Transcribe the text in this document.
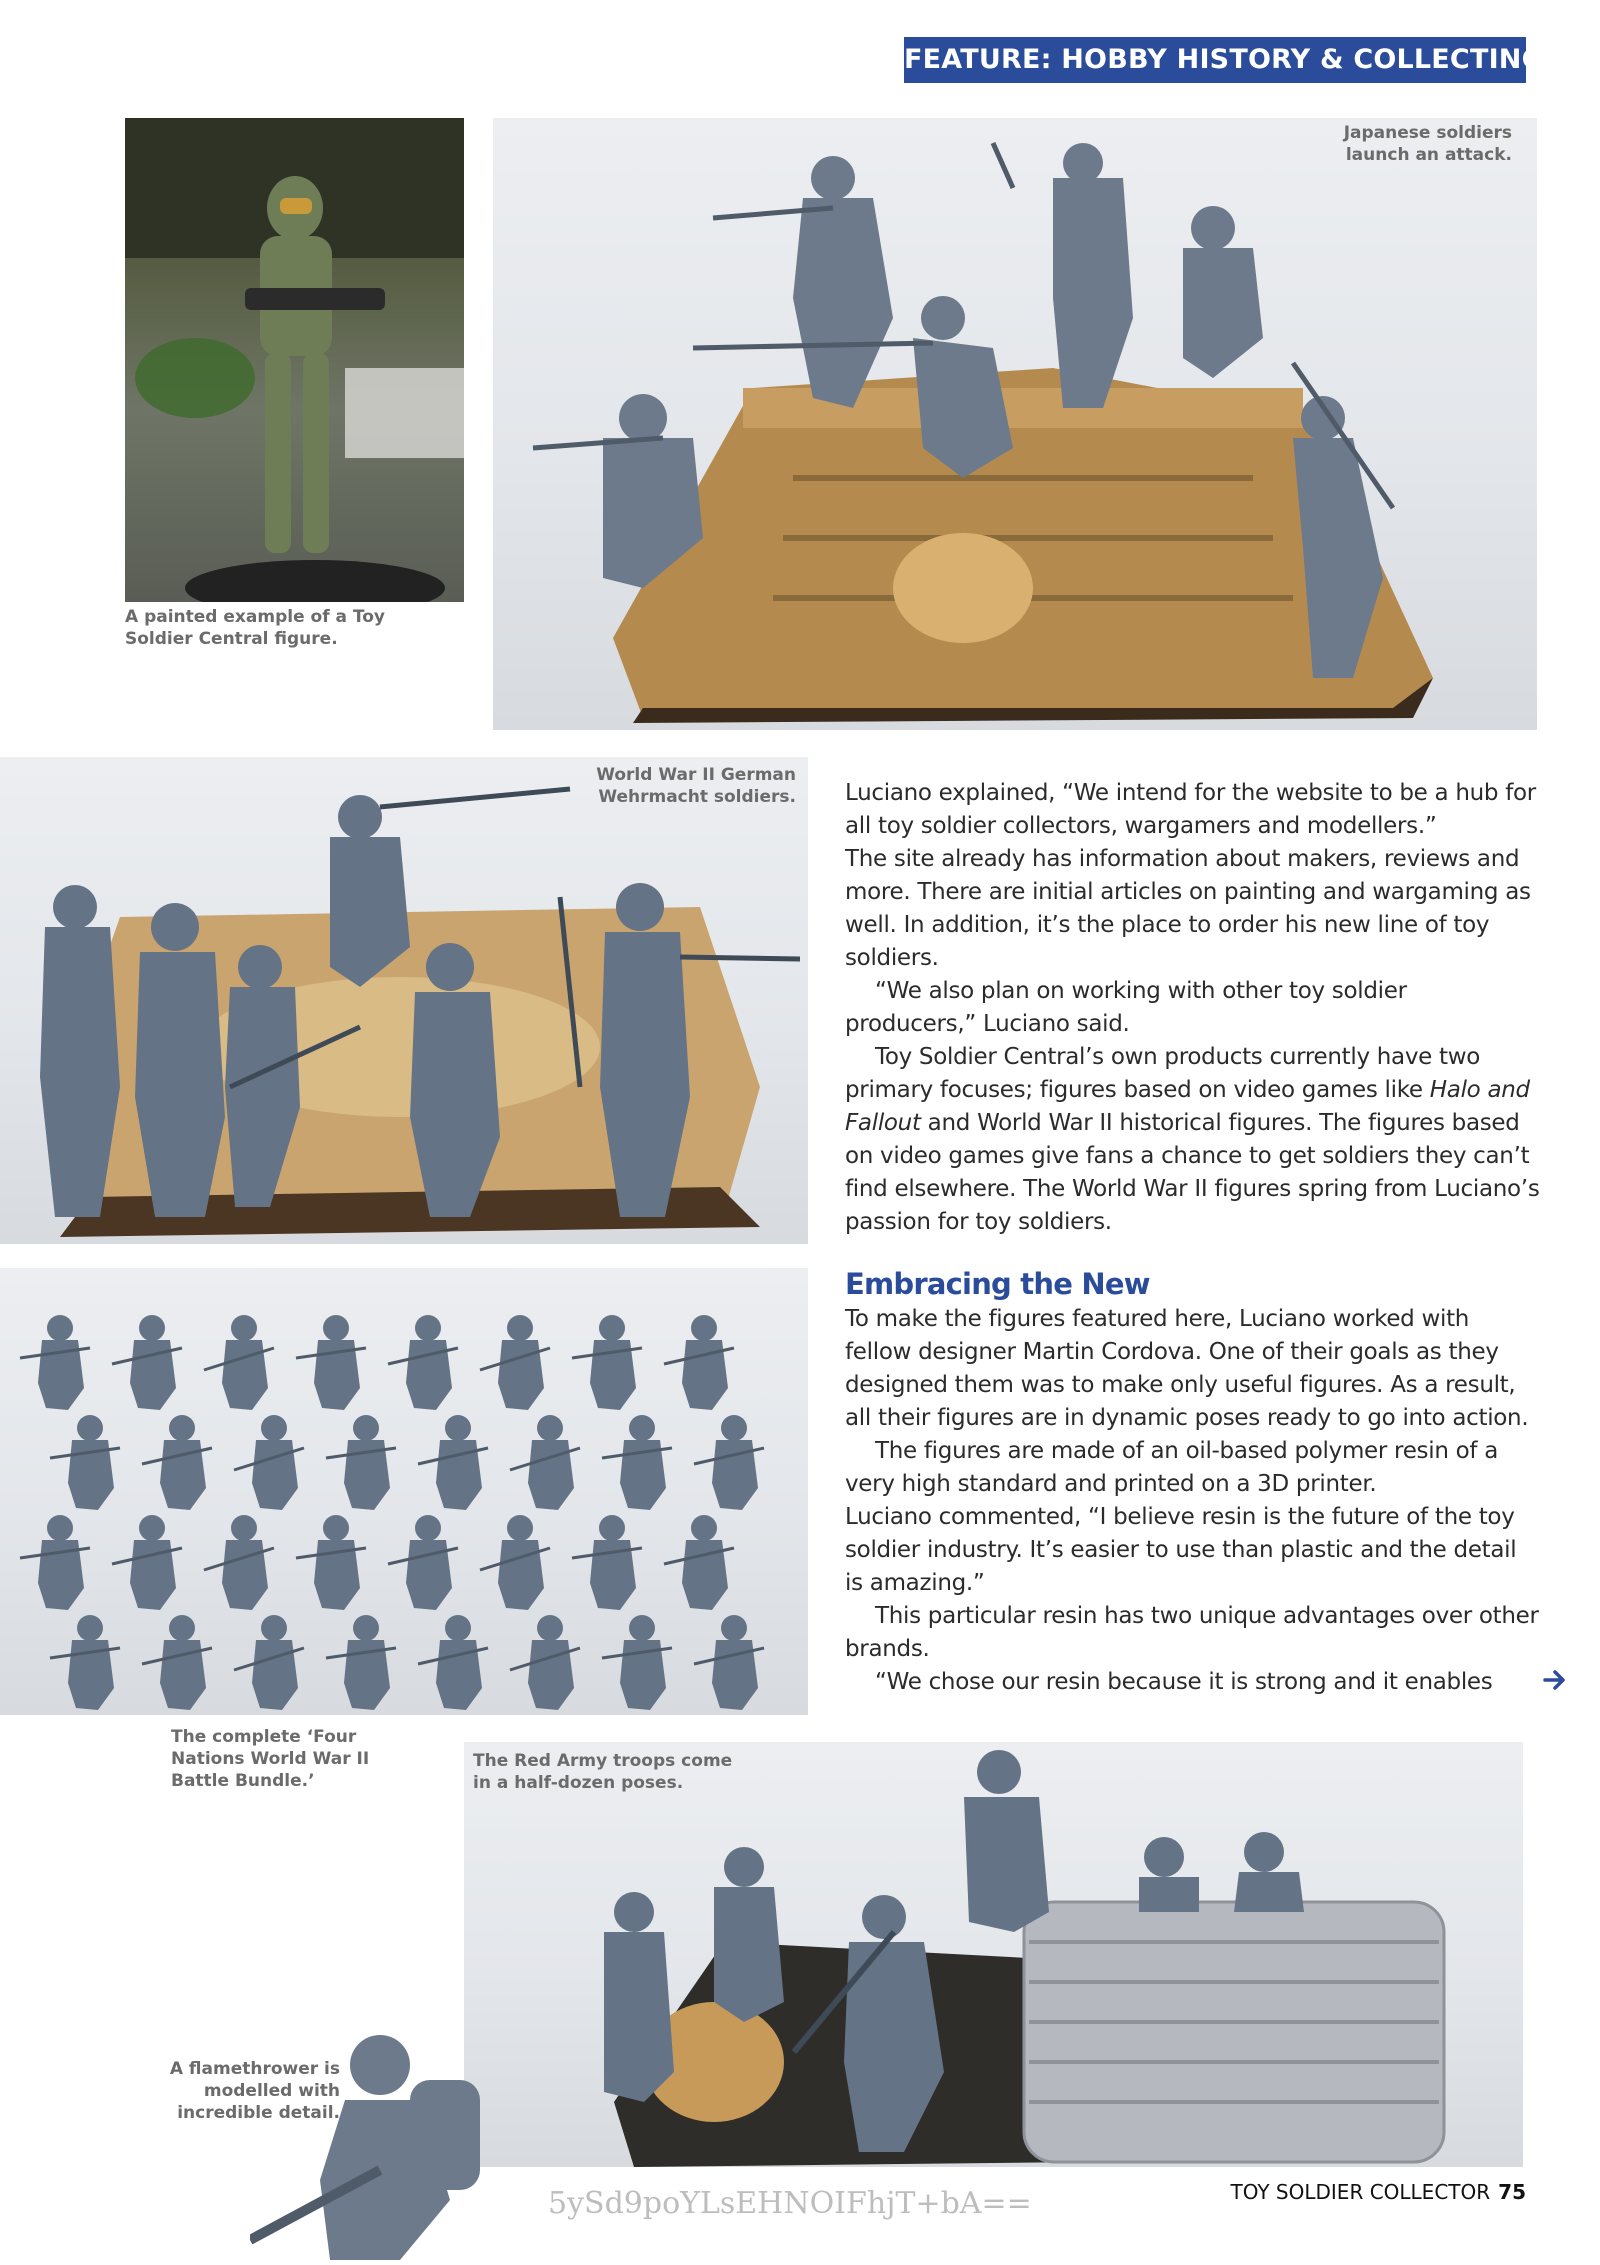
FEATURE: HOBBY HISTORY & COLLECTING
A painted example of a Toy
Soldier Central figure.
Japanese soldiers
launch an attack.
World War II German
Wehrmacht soldiers.
The complete ‘Four
Nations World War II
Battle Bundle.’
The Red Army troops come
in a half-dozen poses.
A flamethrower is
modelled with
incredible detail.

Luciano explained, “We intend for the website to be a hub for all toy soldier collectors, wargamers and modellers.”

The site already has information about makers, reviews and more. There are initial articles on painting and wargaming as well. In addition, it’s the place to order his new line of toy soldiers.

“We also plan on working with other toy soldier producers,” Luciano said.

Toy Soldier Central’s own products currently have two primary focuses; figures based on video games like Halo and Fallout and World War II historical figures. The figures based on video games give fans a chance to get soldiers they can’t find elsewhere. The World War II figures spring from Luciano’s passion for toy soldiers.

Embracing the New

To make the figures featured here, Luciano worked with fellow designer Martin Cordova. One of their goals as they designed them was to make only useful figures. As a result, all their figures are in dynamic poses ready to go into action.

The figures are made of an oil-based polymer resin of a very high standard and printed on a 3D printer.

Luciano commented, “I believe resin is the future of the toy soldier industry. It’s easier to use than plastic and the detail is amazing.”

This particular resin has two unique advantages over other brands.

“We chose our resin because it is strong and it enables

5ySd9poYLsEHNOIFhjT+bA==	TOY SOLDIER COLLECTOR 75
